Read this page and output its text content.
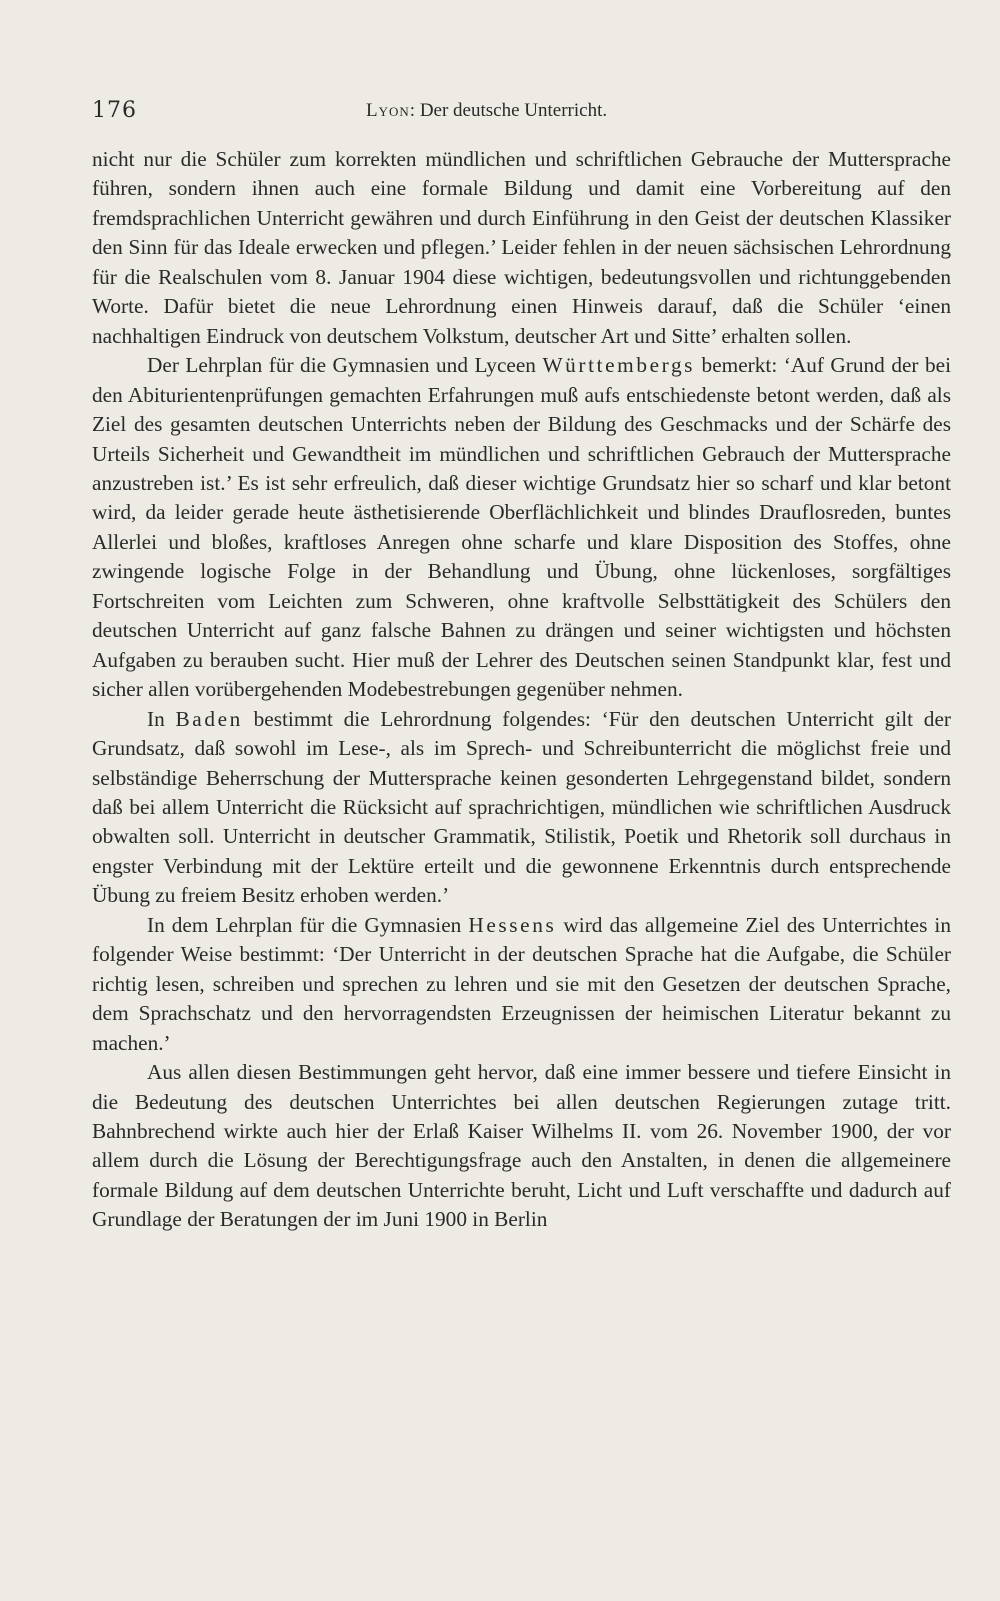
176	Lyon: Der deutsche Unterricht.

nicht nur die Schüler zum korrekten mündlichen und schriftlichen Gebrauche der Muttersprache führen, sondern ihnen auch eine formale Bildung und damit eine Vorbereitung auf den fremdsprachlichen Unterricht gewähren und durch Einführung in den Geist der deutschen Klassiker den Sinn für das Ideale erwecken und pflegen.’ Leider fehlen in der neuen sächsischen Lehrordnung für die Realschulen vom 8. Januar 1904 diese wichtigen, bedeutungsvollen und richtunggebenden Worte. Dafür bietet die neue Lehrordnung einen Hinweis darauf, daß die Schüler ‘einen nachhaltigen Eindruck von deutschem Volkstum, deutscher Art und Sitte’ erhalten sollen.

Der Lehrplan für die Gymnasien und Lyceen Württembergs bemerkt: ‘Auf Grund der bei den Abiturientenprüfungen gemachten Erfahrungen muß aufs entschiedenste betont werden, daß als Ziel des gesamten deutschen Unterrichts neben der Bildung des Geschmacks und der Schärfe des Urteils Sicherheit und Gewandtheit im mündlichen und schriftlichen Gebrauch der Muttersprache anzustreben ist.’ Es ist sehr erfreulich, daß dieser wichtige Grundsatz hier so scharf und klar betont wird, da leider gerade heute ästhetisierende Oberflächlichkeit und blindes Drauflosreden, buntes Allerlei und bloßes, kraftloses Anregen ohne scharfe und klare Disposition des Stoffes, ohne zwingende logische Folge in der Behandlung und Übung, ohne lückenloses, sorgfältiges Fortschreiten vom Leichten zum Schweren, ohne kraftvolle Selbsttätigkeit des Schülers den deutschen Unterricht auf ganz falsche Bahnen zu drängen und seiner wichtigsten und höchsten Aufgaben zu berauben sucht. Hier muß der Lehrer des Deutschen seinen Standpunkt klar, fest und sicher allen vorübergehenden Modebestrebungen gegenüber nehmen.

In Baden bestimmt die Lehrordnung folgendes: ‘Für den deutschen Unterricht gilt der Grundsatz, daß sowohl im Lese-, als im Sprech- und Schreibunterricht die möglichst freie und selbständige Beherrschung der Muttersprache keinen gesonderten Lehrgegenstand bildet, sondern daß bei allem Unterricht die Rücksicht auf sprachrichtigen, mündlichen wie schriftlichen Ausdruck obwalten soll. Unterricht in deutscher Grammatik, Stilistik, Poetik und Rhetorik soll durchaus in engster Verbindung mit der Lektüre erteilt und die gewonnene Erkenntnis durch entsprechende Übung zu freiem Besitz erhoben werden.’

In dem Lehrplan für die Gymnasien Hessens wird das allgemeine Ziel des Unterrichtes in folgender Weise bestimmt: ‘Der Unterricht in der deutschen Sprache hat die Aufgabe, die Schüler richtig lesen, schreiben und sprechen zu lehren und sie mit den Gesetzen der deutschen Sprache, dem Sprachschatz und den hervorragendsten Erzeugnissen der heimischen Literatur bekannt zu machen.’

Aus allen diesen Bestimmungen geht hervor, daß eine immer bessere und tiefere Einsicht in die Bedeutung des deutschen Unterrichtes bei allen deutschen Regierungen zutage tritt. Bahnbrechend wirkte auch hier der Erlaß Kaiser Wilhelms II. vom 26. November 1900, der vor allem durch die Lösung der Berechtigungsfrage auch den Anstalten, in denen die allgemeinere formale Bildung auf dem deutschen Unterrichte beruht, Licht und Luft verschaffte und dadurch auf Grundlage der Beratungen der im Juni 1900 in Berlin
